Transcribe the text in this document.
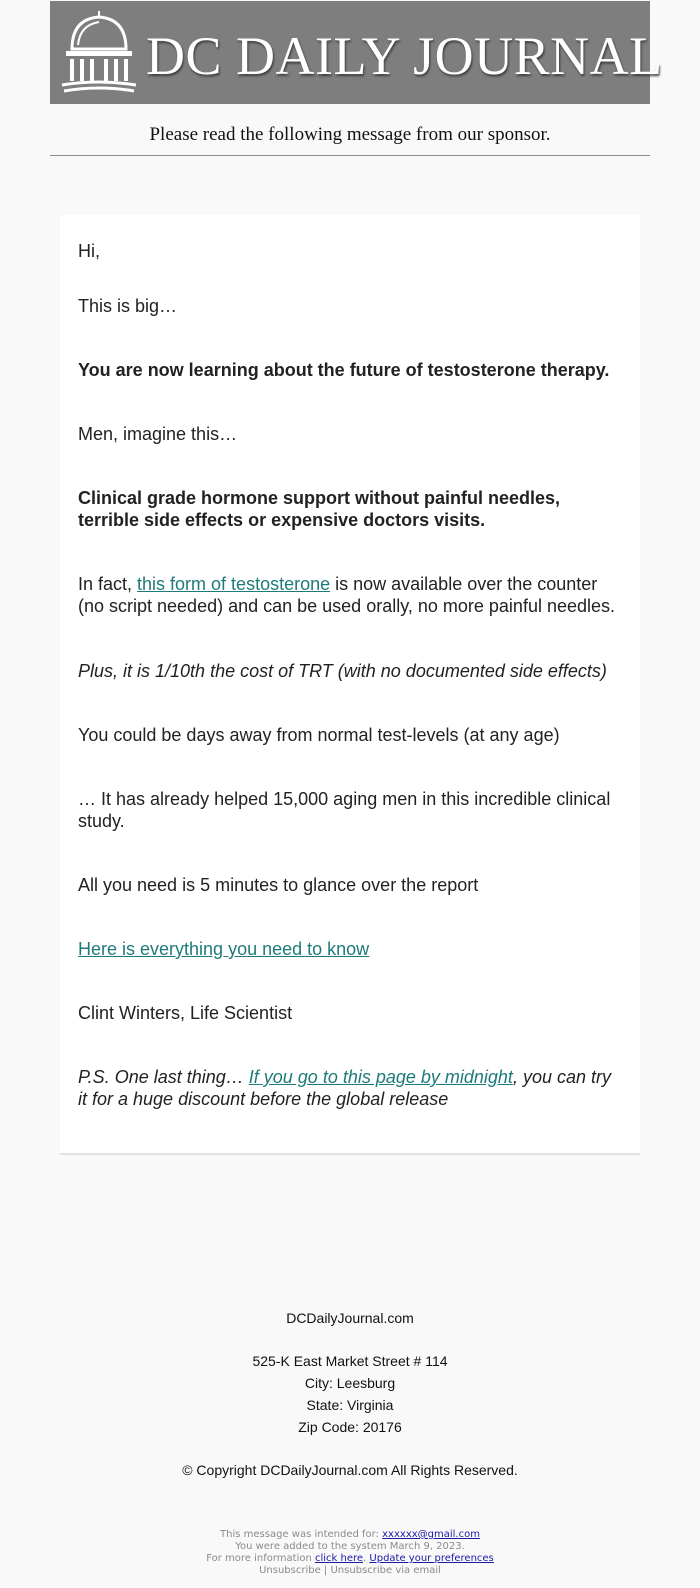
DC DAILY JOURNAL
Please read the following message from our sponsor.

Hi,

This is big…

You are now learning about the future of testosterone therapy.

Men, imagine this…

Clinical grade hormone support without painful needles, terrible side effects or expensive doctors visits.

In fact, this form of testosterone is now available over the counter (no script needed) and can be used orally, no more painful needles.

Plus, it is 1/10th the cost of TRT (with no documented side effects)

You could be days away from normal test-levels (at any age)

… It has already helped 15,000 aging men in this incredible clinical study.

All you need is 5 minutes to glance over the report

Here is everything you need to know

Clint Winters, Life Scientist

P.S. One last thing… If you go to this page by midnight, you can try it for a huge discount before the global release

DCDailyJournal.com
525-K East Market Street # 114
City: Leesburg
State: Virginia
Zip Code: 20176
© Copyright DCDailyJournal.com All Rights Reserved.
This message was intended for: xxxxxx@gmail.com
You were added to the system March 9, 2023.
For more information click here. Update your preferences
Unsubscribe | Unsubscribe via email
